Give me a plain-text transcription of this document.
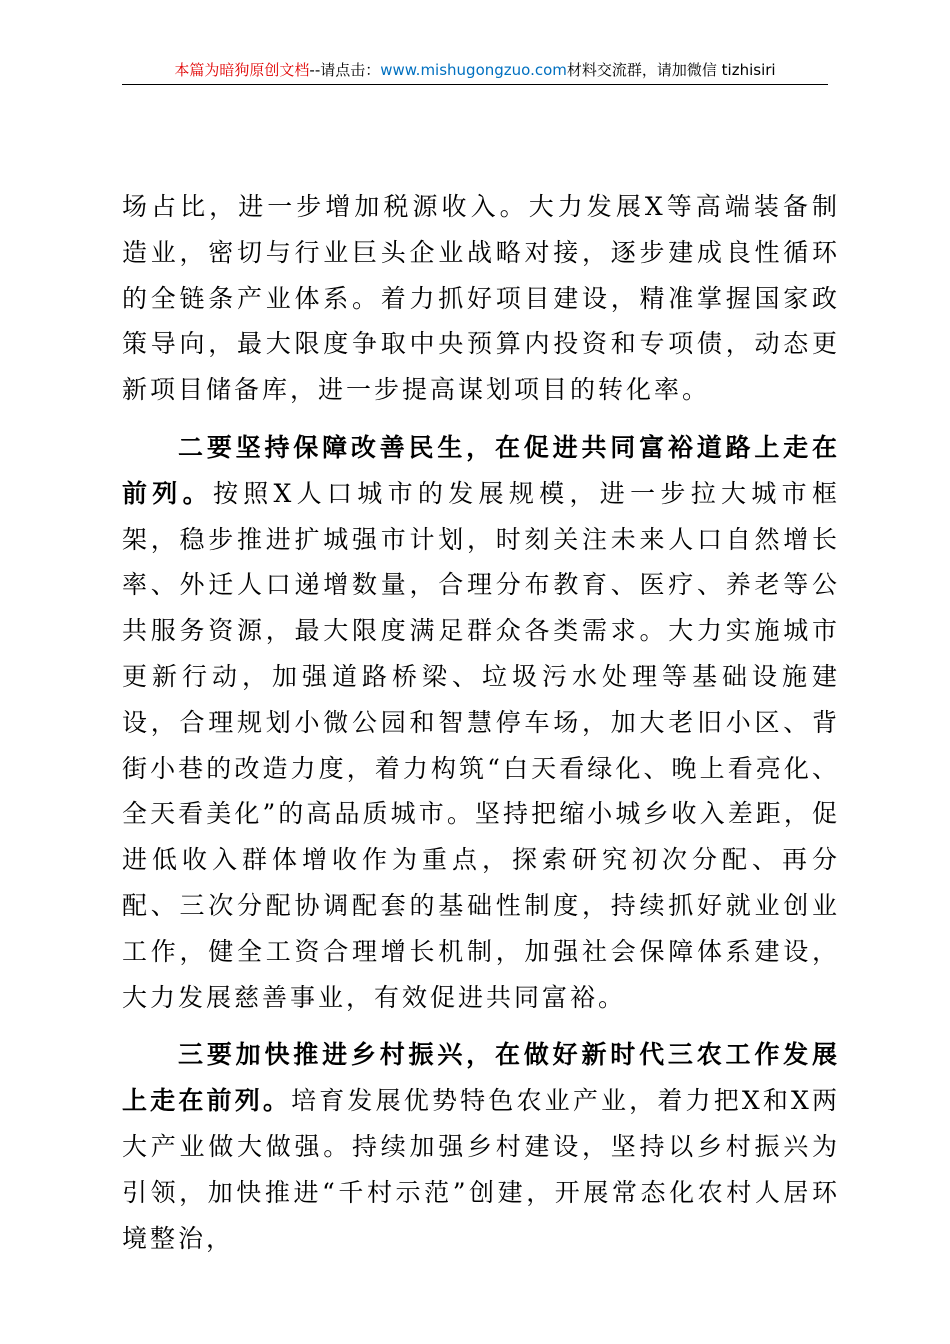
本篇为暗狗原创文档--请点击：www.mishugongzuo.com材料交流群，请加微信 tizhisiri

场占比，进一步增加税源收入。大力发展X等高端装备制造业，密切与行业巨头企业战略对接，逐步建成良性循环的全链条产业体系。着力抓好项目建设，精准掌握国家政策导向，最大限度争取中央预算内投资和专项债，动态更新项目储备库，进一步提高谋划项目的转化率。

二要坚持保障改善民生，在促进共同富裕道路上走在前列。按照X人口城市的发展规模，进一步拉大城市框架，稳步推进扩城强市计划，时刻关注未来人口自然增长率、外迁人口递增数量，合理分布教育、医疗、养老等公共服务资源，最大限度满足群众各类需求。大力实施城市更新行动，加强道路桥梁、垃圾污水处理等基础设施建设，合理规划小微公园和智慧停车场，加大老旧小区、背街小巷的改造力度，着力构筑“白天看绿化、晚上看亮化、全天看美化”的高品质城市。坚持把缩小城乡收入差距，促进低收入群体增收作为重点，探索研究初次分配、再分配、三次分配协调配套的基础性制度，持续抓好就业创业工作，健全工资合理增长机制，加强社会保障体系建设，大力发展慈善事业，有效促进共同富裕。

三要加快推进乡村振兴，在做好新时代三农工作发展上走在前列。培育发展优势特色农业产业，着力把X和X两大产业做大做强。持续加强乡村建设，坚持以乡村振兴为引领，加快推进“千村示范”创建，开展常态化农村人居环境整治，
